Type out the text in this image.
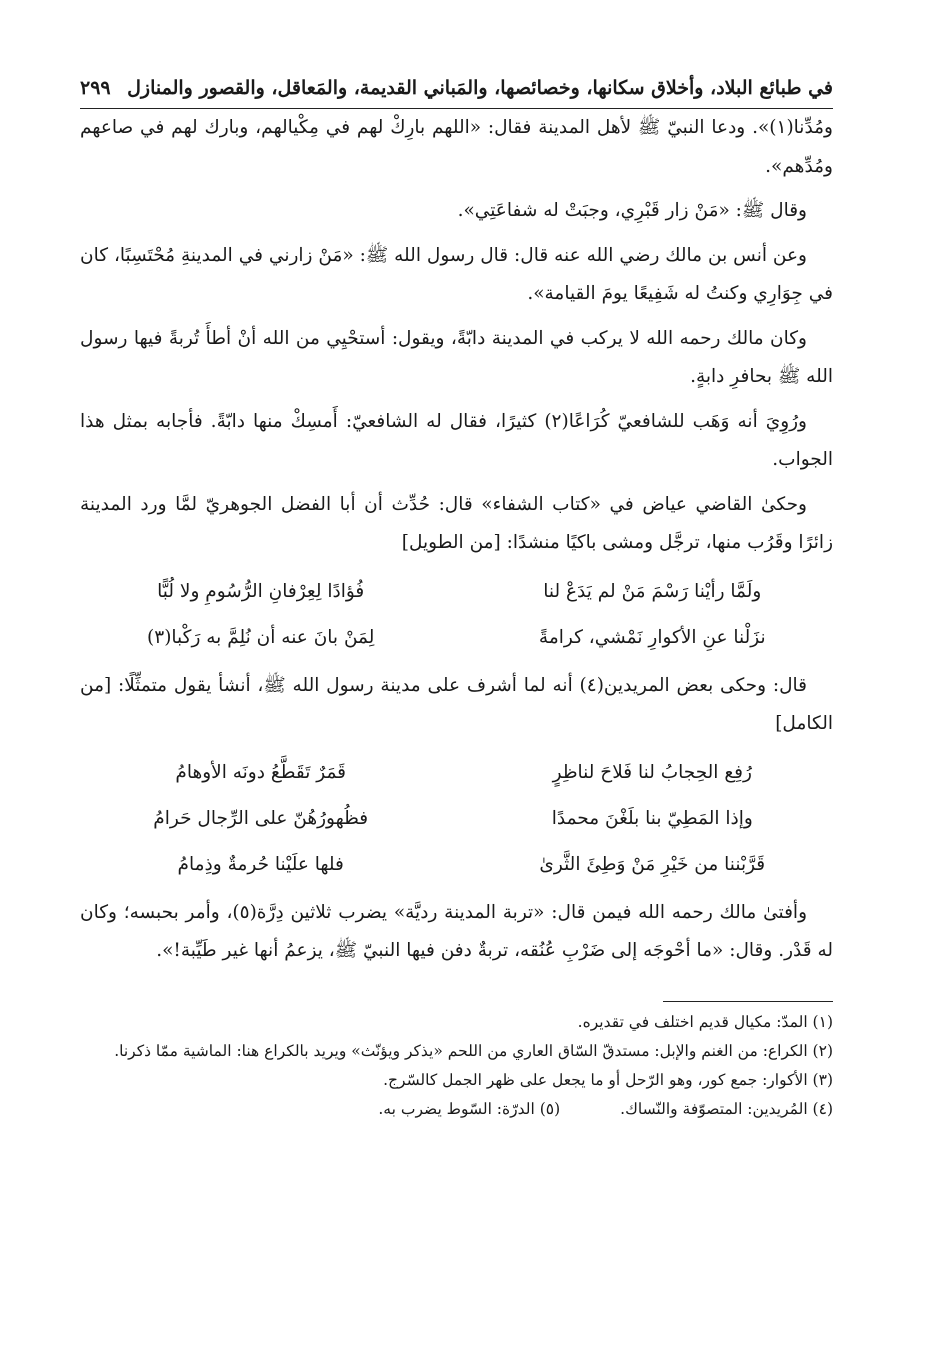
في طبائع البلاد، وأخلاق سكانها، وخصائصها، والمَباني القديمة، والمَعاقل، والقصور والمنازل
٢٩٩

ومُدِّنا(١)». ودعا النبيّ ﷺ لأهل المدينة فقال: «اللهم بارِكْ لهم في مِكْيالهم، وبارك لهم في صاعهم ومُدِّهم».

وقال ﷺ: «مَنْ زار قَبْرِي، وجبَتْ له شفاعَتِي».

وعن أنس بن مالك رضي الله عنه قال: قال رسول الله ﷺ: «مَنْ زارني في المدينةِ مُحْتَسِبًا، كان في جِوَارِي وكنتُ له شَفِيعًا يومَ القيامة».

وكان مالك رحمه الله لا يركب في المدينة دابّةً، ويقول: أستحْيِي من الله أنْ أطأَ تُربةً فيها رسول الله ﷺ بحافرِ دابةٍ.

ورُوِيَ أنه وَهَب للشافعيّ كُرَاعًا(٢) كثيرًا، فقال له الشافعيّ: أَمسِكْ منها دابّةً. فأجابه بمثل هذا الجواب.

وحكىٰ القاضي عياض في «كتاب الشفاء» قال: حُدِّث أن أبا الفضل الجوهريّ لمَّا ورد المدينة زائرًا وقَرُب منها، ترجَّل ومشى باكيًا منشدًا: [من الطويل]

ولَمَّا رأيْنا رَسْمَ مَنْ لم يَدَعْ لنا
فُؤادًا لِعِرْفانِ الرُّسُومِ ولا لُبًّا
نزَلْنا عنِ الأكوارِ نَمْشي، كرامةً
لِمَنْ بانَ عنه أن نُلِمَّ به رَكْبا(٣)

قال: وحكى بعض المريدين(٤) أنه لما أشرف على مدينة رسول الله ﷺ، أنشأ يقول متمثِّلًا: [من الكامل]

رُفِع الحِجابُ لنا فَلاحَ لناظِرٍ
قَمَرٌ تَقَطَّعُ دونَه الأوهامُ
وإذا المَطِيّ بنا بلَغْنَ محمدًا
فظُهورُهُنّ على الرِّجال حَرامُ
قَرَّبْننا من خَيْرِ مَنْ وَطِئَ الثَّرىٰ
فلها علَيْنا حُرمةٌ وذِمامُ

وأفتىٰ مالك رحمه الله فيمن قال: «تربة المدينة رديَّة» يضرب ثلاثين دِرَّة(٥)، وأمر بحبسه؛ وكان له قَدْر. وقال: «ما أحْوجَه إلى ضَرْبِ عُنُقه، تربةٌ دفن فيها النبيّ ﷺ، يزعمُ أنها غير طَيِّبة!».

(١) المدّ: مكيال قديم اختلف في تقديره.

(٢) الكراع: من الغنم والإبل: مستدقّ السّاق العاري من اللحم «يذكر ويؤنّث» ويريد بالكراع هنا: الماشية ممّا ذكرنا.

(٣) الأكوار: جمع كور، وهو الرّحل أو ما يجعل على ظهر الجمل كالسّرج.

(٤) المُريدين: المتصوّفة والنّساك.

(٥) الدرّة: السّوط يضرب به.
